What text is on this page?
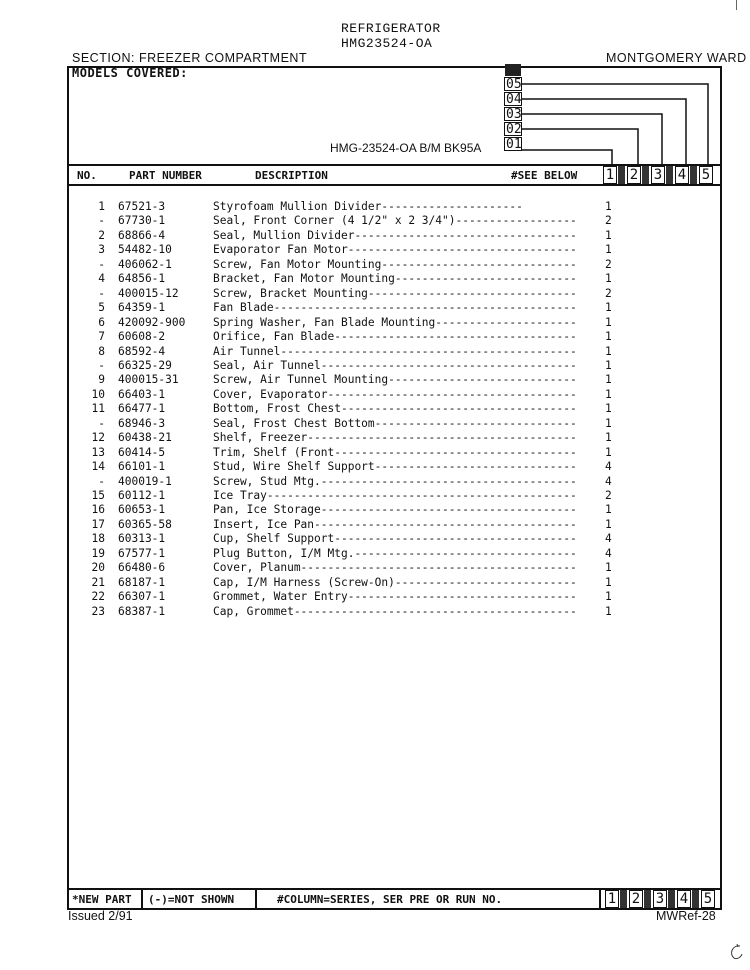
REFRIGERATOR
HMG23524-OA
SECTION: FREEZER COMPARTMENT	MONTGOMERY WARD
MODELS COVERED:
HMG-23524-OA B/M BK95A
05
04
03
02
01
NO.	PART NUMBER	DESCRIPTION	#SEE BELOW 1 2 3 4 5
1 67521-3	Styrofoam Mullion Divider---------------------	1
- 67730-1	Seal, Front Corner (4 1/2" x 2 3/4")------------------	2
2 68866-4	Seal, Mullion Divider---------------------------------	1
3 54482-10	Evaporator Fan Motor----------------------------------	1
- 406062-1	Screw, Fan Motor Mounting-----------------------------	2
4 64856-1	Bracket, Fan Motor Mounting---------------------------	1
- 400015-12	Screw, Bracket Mounting-------------------------------	2
5 64359-1	Fan Blade---------------------------------------------	1
6 420092-900 Spring Washer, Fan Blade Mounting---------------------	1
7 60608-2	Orifice, Fan Blade------------------------------------	1
8 68592-4	Air Tunnel--------------------------------------------	1
- 66325-29	Seal, Air Tunnel--------------------------------------	1
9 400015-31	Screw, Air Tunnel Mounting----------------------------	1
10 66403-1	Cover, Evaporator-------------------------------------	1
11 66477-1	Bottom, Frost Chest-----------------------------------	1
- 68946-3	Seal, Frost Chest Bottom------------------------------	1
12 60438-21	Shelf, Freezer----------------------------------------	1
13 60414-5	Trim, Shelf (Front------------------------------------	1
14 66101-1	Stud, Wire Shelf Support------------------------------	4
- 400019-1	Screw, Stud Mtg.--------------------------------------	4
15 60112-1	Ice Tray----------------------------------------------	2
16 60653-1	Pan, Ice Storage--------------------------------------	1
17 60365-58	Insert, Ice Pan---------------------------------------	1
18 60313-1	Cup, Shelf Support------------------------------------	4
19 67577-1	Plug Button, I/M Mtg.---------------------------------	4
20 66480-6	Cover, Planum-----------------------------------------	1
21 68187-1	Cap, I/M Harness (Screw-On)---------------------------	1
22 66307-1	Grommet, Water Entry----------------------------------	1
23 68387-1	Cap, Grommet------------------------------------------	1
*NEW PART (-)=NOT SHOWN	#COLUMN=SERIES, SER PRE OR RUN NO.	1 2 3 4 5
Issued 2/91	MWRef-28
